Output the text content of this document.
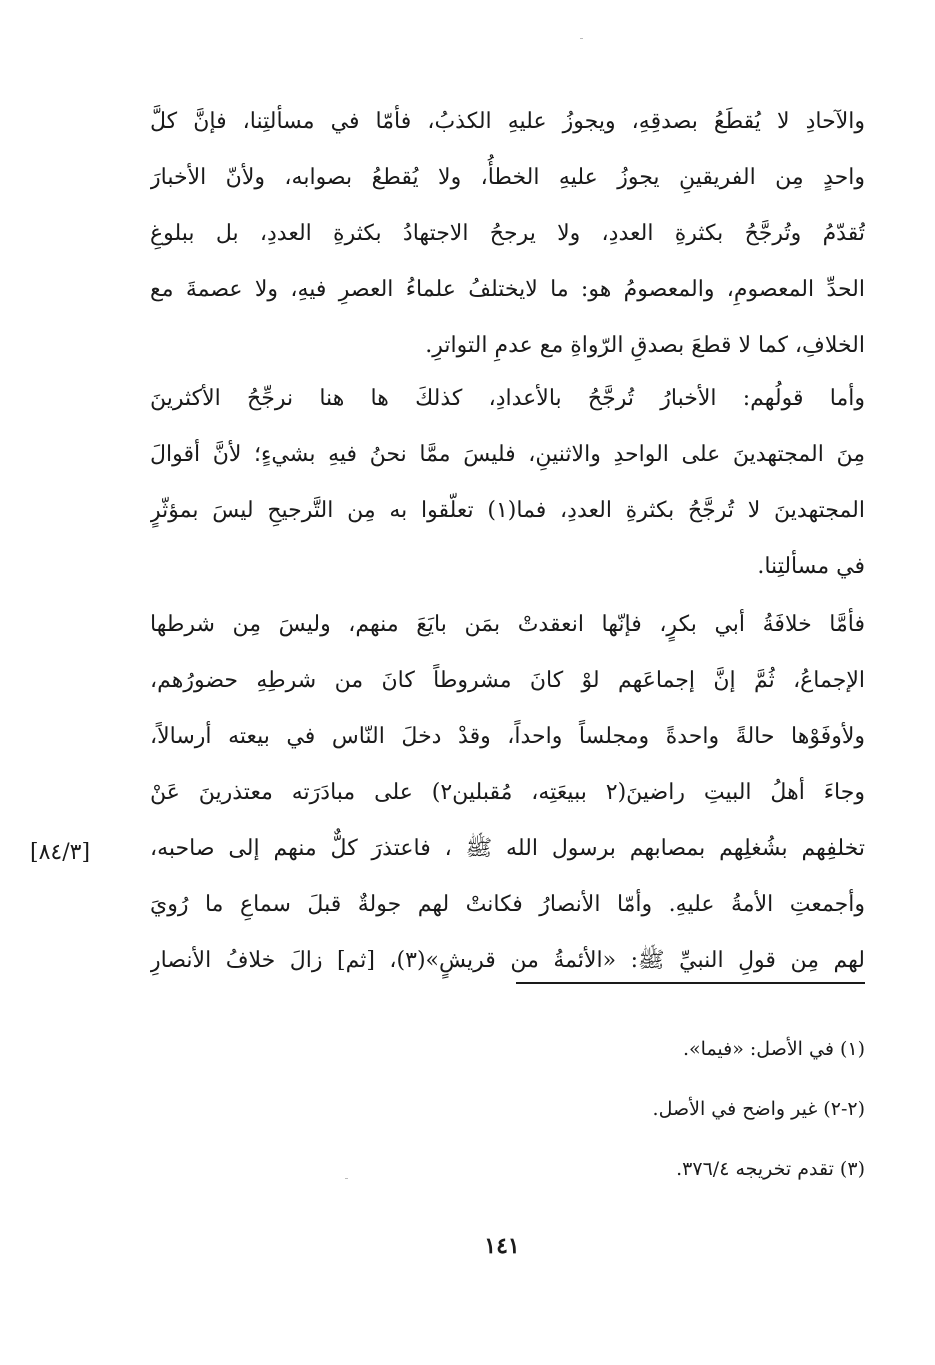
والآحادِ لا يُقطَعُ بصدقِهِ، ويجوزُ عليهِ الكذبُ، فأمّا في مسألتِنا، فإنَّ كلَّ
واحدٍ مِن الفريقينِ يجوزُ عليهِ الخطأُ، ولا يُقطعُ بصوابه، ولأنّ الأخبارَ
تُقدّمُ وتُرجَّحُ بكثرةِ العددِ، ولا يرجحُ الاجتهادُ بكثرةِ العددِ، بل ببلوغِ
الحدِّ المعصومِ، والمعصومُ هو: ما لايختلفُ علماءُ العصرِ فيهِ، ولا عصمةَ مع
الخلافِ، كما لا قطعَ بصدقِ الرّواةِ مع عدمِ التواترِ.
وأما قولُهم: الأخبارُ تُرجَّحُ بالأعدادِ، كذلكَ ها هنا نرجِّحُ الأكثرينَ
مِنَ المجتهدينَ على الواحدِ والاثنينِ، فليسَ ممَّا نحنُ فيهِ بشيءٍ؛ لأنَّ أقوالَ
المجتهدينَ لا تُرجَّحُ بكثرةِ العددِ، فما(١) تعلّقوا به مِن التَّرجيحِ ليسَ بمؤثّرٍ
في مسألتِنا.
فأمَّا خلافَةُ أبي بكرٍ، فإنّها انعقدتْ بمَن بايَعَ منهم، وليسَ مِن شرطها
الإجماعُ، ثُمَّ إنَّ إجماعَهم لوْ كانَ مشروطاً كانَ من شرطِهِ حضورُهم،
ولأوفَوْها حالةً واحدةً ومجلساً واحداً، وقدْ دخلَ النّاس في بيعته أرسالاً،
وجاءَ أهلُ البيتِ راضينَ(٢ ببيعَتِه، مُقبلين٢) على مبادَرَته معتذرينَ عَنْ
تخلفِهم بشُغلِهم بمصابهم برسول الله ﷺ ، فاعتذرَ كلٌّ منهم إلى صاحبه،
وأجمعتِ الأمةُ عليهِ. وأمّا الأنصارُ فكانتْ لهم جولةٌ قبلَ سماعِ ما رُويَ
لهم مِن قولِ النبيِّ ﷺ: «الأئمةُ من قريشٍ»(٣)، [ثم] زالَ خلافُ الأنصارِ
[٨٤/٣]
(١) في الأصل: «فيما».
(٢-٢) غير واضح في الأصل.
(٣) تقدم تخريجه ٣٧٦/٤.
١٤١
